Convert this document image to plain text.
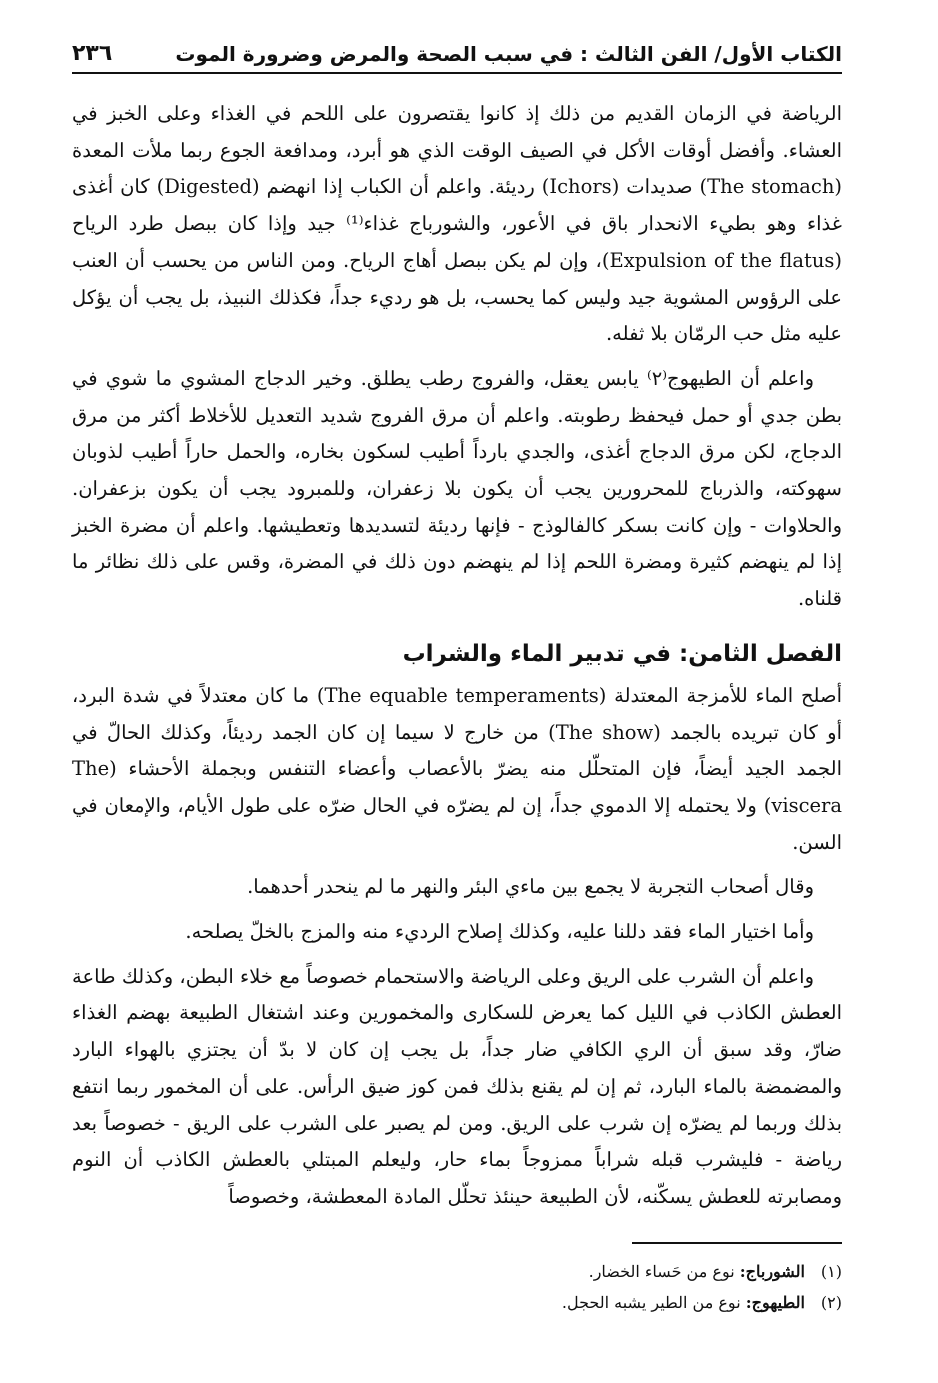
الكتاب الأول/ الفن الثالث : في سبب الصحة والمرض وضرورة الموت
٢٣٦

الرياضة في الزمان القديم من ذلك إذ كانوا يقتصرون على اللحم في الغذاء وعلى الخبز في العشاء. وأفضل أوقات الأكل في الصيف الوقت الذي هو أبرد، ومدافعة الجوع ربما ملأت المعدة (The stomach) صديدات (Ichors) رديئة. واعلم أن الكباب إذا انهضم (Digested) كان أغذى غذاء وهو بطيء الانحدار باق في الأعور، والشورباج غذاء⁽¹⁾ جيد وإذا كان ببصل طرد الرياح (Expulsion of the flatus)، وإن لم يكن ببصل أهاج الرياح. ومن الناس من يحسب أن العنب على الرؤوس المشوية جيد وليس كما يحسب، بل هو رديء جداً، فكذلك النبيذ، بل يجب أن يؤكل عليه مثل حب الرمّان بلا ثفله.

واعلم أن الطيهوج⁽٢⁾ يابس يعقل، والفروج رطب يطلق. وخير الدجاج المشوي ما شوي في بطن جدي أو حمل فيحفظ رطوبته. واعلم أن مرق الفروج شديد التعديل للأخلاط أكثر من مرق الدجاج، لكن مرق الدجاج أغذى، والجدي بارداً أطيب لسكون بخاره، والحمل حاراً أطيب لذوبان سهوكته، والذرباج للمحرورين يجب أن يكون بلا زعفران، وللمبرود يجب أن يكون بزعفران. والحلاوات - وإن كانت بسكر كالفالوذج - فإنها رديئة لتسديدها وتعطيشها. واعلم أن مضرة الخبز إذا لم ينهضم كثيرة ومضرة اللحم إذا لم ينهضم دون ذلك في المضرة، وقس على ذلك نظائر ما قلناه.

الفصل الثامن: في تدبير الماء والشراب

أصلح الماء للأمزجة المعتدلة (The equable temperaments) ما كان معتدلاً في شدة البرد، أو كان تبريده بالجمد (The show) من خارج لا سيما إن كان الجمد رديئاً، وكذلك الحالّ في الجمد الجيد أيضاً، فإن المتحلّل منه يضرّ بالأعصاب وأعضاء التنفس وبجملة الأحشاء (The viscera) ولا يحتمله إلا الدموي جداً، إن لم يضرّه في الحال ضرّه على طول الأيام، والإمعان في السن.

وقال أصحاب التجربة لا يجمع بين ماءي البئر والنهر ما لم ينحدر أحدهما.

وأما اختيار الماء فقد دللنا عليه، وكذلك إصلاح الرديء منه والمزج بالخلّ يصلحه.

واعلم أن الشرب على الريق وعلى الرياضة والاستحمام خصوصاً مع خلاء البطن، وكذلك طاعة العطش الكاذب في الليل كما يعرض للسكارى والمخمورين وعند اشتغال الطبيعة بهضم الغذاء ضارّ، وقد سبق أن الري الكافي ضار جداً، بل يجب إن كان لا بدّ أن يجتزي بالهواء البارد والمضمضة بالماء البارد، ثم إن لم يقنع بذلك فمن كوز ضيق الرأس. على أن المخمور ربما انتفع بذلك وربما لم يضرّه إن شرب على الريق. ومن لم يصبر على الشرب على الريق - خصوصاً بعد رياضة - فليشرب قبله شراباً ممزوجاً بماء حار، وليعلم المبتلي بالعطش الكاذب أن النوم ومصابرته للعطش يسكّنه، لأن الطبيعة حينئذ تحلّل المادة المعطشة، وخصوصاً

(١) الشورباج: نوع من حَساء الخضار.
(٢) الطيهوج: نوع من الطير يشبه الحجل.
